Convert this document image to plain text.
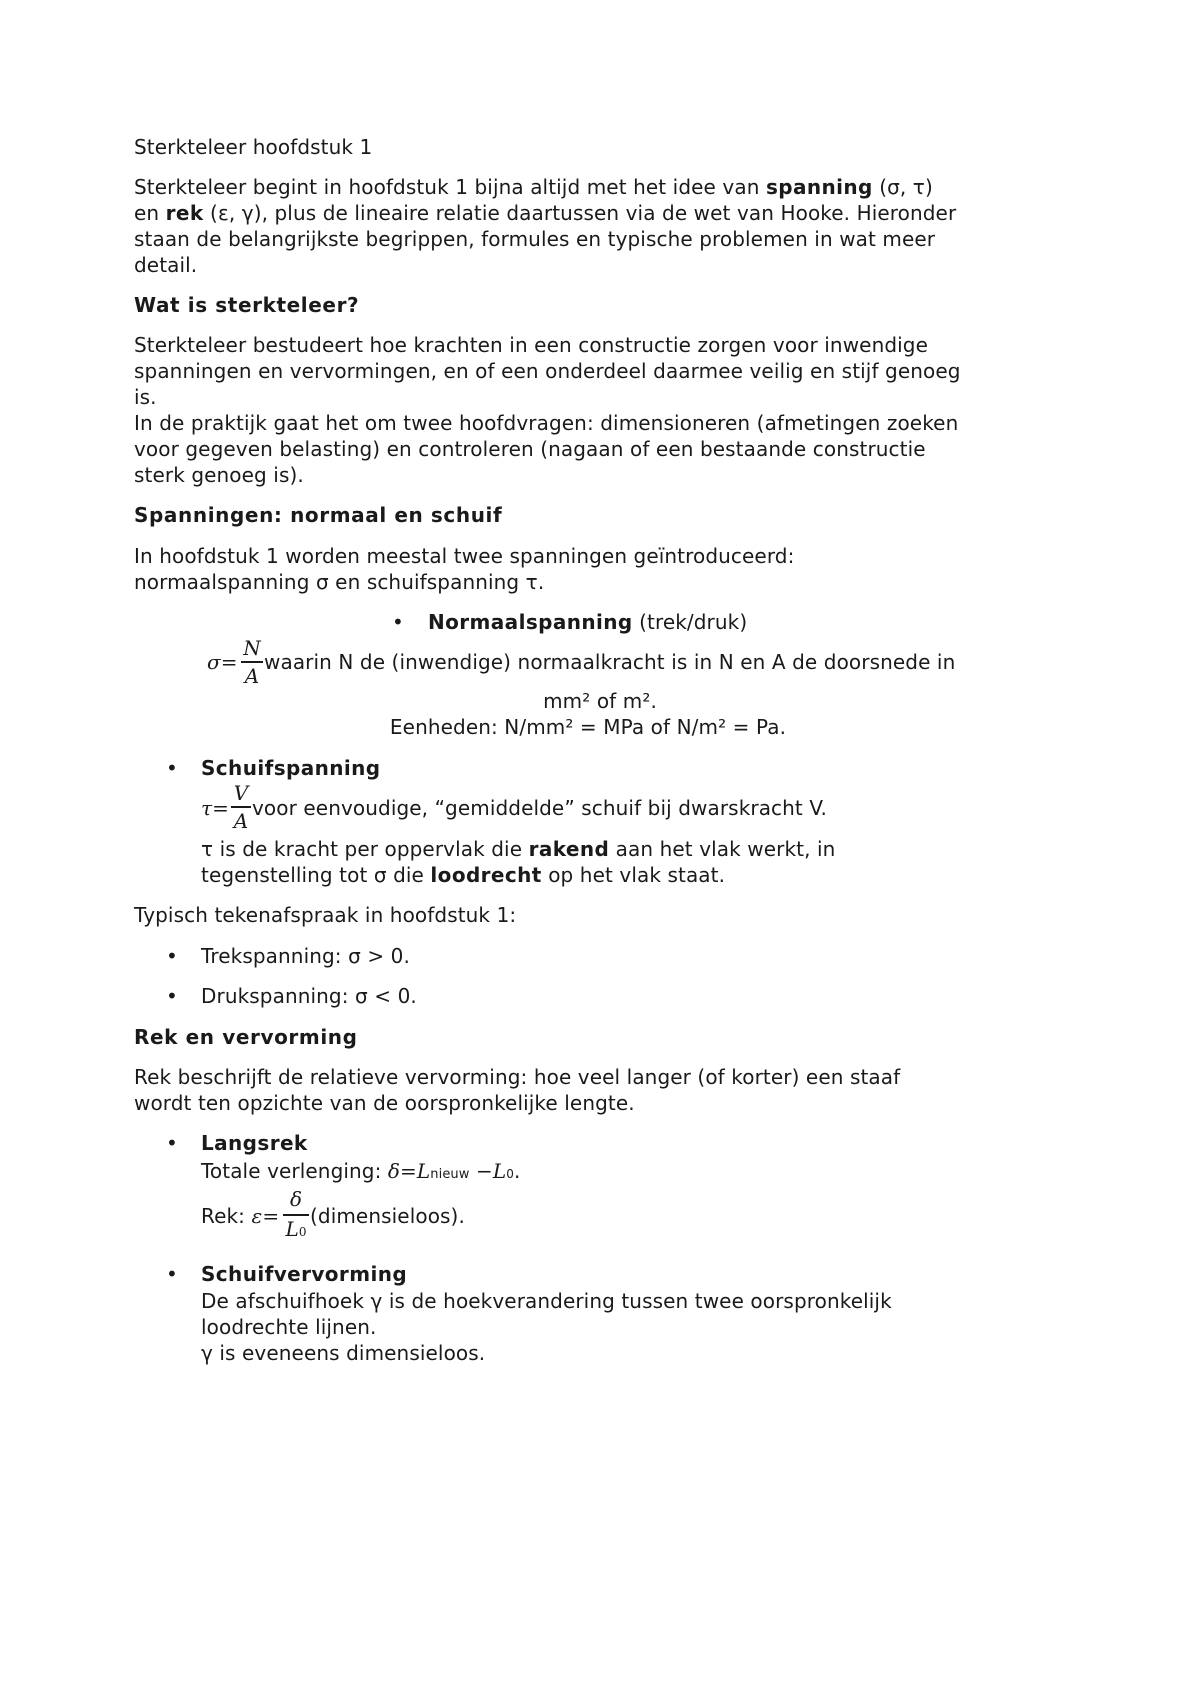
Sterkteleer hoofdstuk 1
Sterkteleer begint in hoofdstuk 1 bijna altijd met het idee van spanning (σ, τ)
en rek (ε, γ), plus de lineaire relatie daartussen via de wet van Hooke. Hieronder
staan de belangrijkste begrippen, formules en typische problemen in wat meer
detail.
Wat is sterkteleer?
Sterkteleer bestudeert hoe krachten in een constructie zorgen voor inwendige
spanningen en vervormingen, en of een onderdeel daarmee veilig en stijf genoeg
is.
In de praktijk gaat het om twee hoofdvragen: dimensioneren (afmetingen zoeken
voor gegeven belasting) en controleren (nagaan of een bestaande constructie
sterk genoeg is).
Spanningen: normaal en schuif
In hoofdstuk 1 worden meestal twee spanningen geïntroduceerd:
normaalspanning σ en schuifspanning τ.
• Normaalspanning (trek/druk)
σ=
N
A
waarin N de (inwendige) normaalkracht is in N en A de doorsnede in
mm² of m².
Eenheden: N/mm² = MPa of N/m² = Pa.
• Schuifspanning
τ=
V
A
voor eenvoudige, “gemiddelde” schuif bij dwarskracht V.
τ is de kracht per oppervlak die rakend aan het vlak werkt, in
tegenstelling tot σ die loodrecht op het vlak staat.
Typisch tekenafspraak in hoofdstuk 1:
• Trekspanning: σ > 0.
• Drukspanning: σ < 0.
Rek en vervorming
Rek beschrijft de relatieve vervorming: hoe veel langer (of korter) een staaf
wordt ten opzichte van de oorspronkelijke lengte.
• Langsrek
Totale verlenging: δ=Lnieuw −L0.
Rek: ε=
δ
L0
(dimensieloos).
• Schuifvervorming
De afschuifhoek γ is de hoekverandering tussen twee oorspronkelijk
loodrechte lijnen.
γ is eveneens dimensieloos.
